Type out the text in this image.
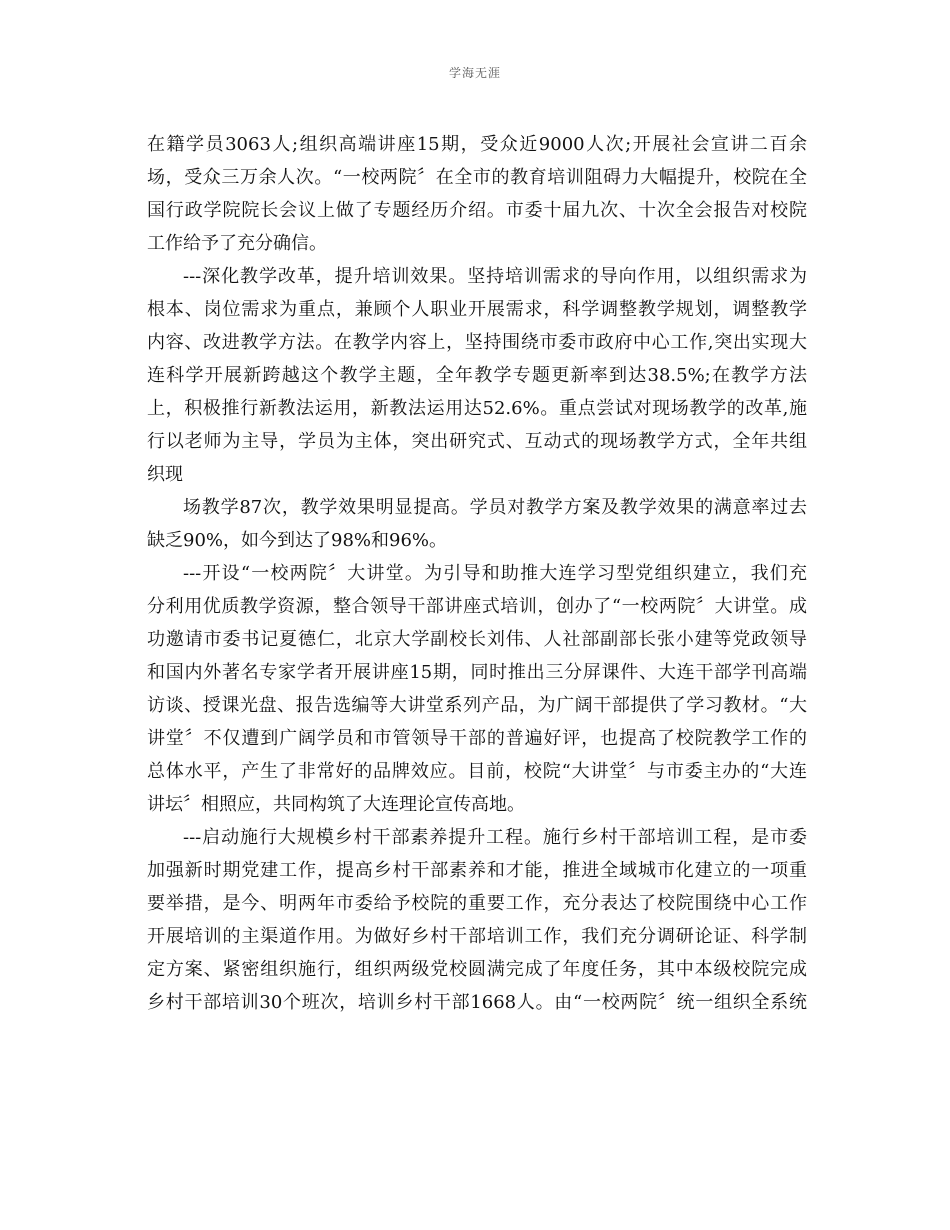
学海无涯
在籍学员3063人;组织高端讲座15期，受众近9000人次;开展社会宣讲二百余
场，受众三万余人次。“一校两院〞在全市的教育培训阻碍力大幅提升，校院在全
国行政学院院长会议上做了专题经历介绍。市委十届九次、十次全会报告对校院
工作给予了充分确信。
---深化教学改革，提升培训效果。坚持培训需求的导向作用，以组织需求为
根本、岗位需求为重点，兼顾个人职业开展需求，科学调整教学规划，调整教学
内容、改进教学方法。在教学内容上，坚持围绕市委市政府中心工作,突出实现大
连科学开展新跨越这个教学主题，全年教学专题更新率到达38.5%;在教学方法
上，积极推行新教法运用，新教法运用达52.6%。重点尝试对现场教学的改革,施
行以老师为主导，学员为主体，突出研究式、互动式的现场教学方式，全年共组
织现
场教学87次，教学效果明显提高。学员对教学方案及教学效果的满意率过去
缺乏90%，如今到达了98%和96%。
---开设“一校两院〞大讲堂。为引导和助推大连学习型党组织建立，我们充
分利用优质教学资源，整合领导干部讲座式培训，创办了“一校两院〞大讲堂。成
功邀请市委书记夏德仁，北京大学副校长刘伟、人社部副部长张小建等党政领导
和国内外著名专家学者开展讲座15期，同时推出三分屏课件、大连干部学刊高端
访谈、授课光盘、报告选编等大讲堂系列产品，为广阔干部提供了学习教材。“大
讲堂〞不仅遭到广阔学员和市管领导干部的普遍好评，也提高了校院教学工作的
总体水平，产生了非常好的品牌效应。目前，校院“大讲堂〞与市委主办的“大连
讲坛〞相照应，共同构筑了大连理论宣传高地。
---启动施行大规模乡村干部素养提升工程。施行乡村干部培训工程，是市委
加强新时期党建工作，提高乡村干部素养和才能，推进全域城市化建立的一项重
要举措，是今、明两年市委给予校院的重要工作，充分表达了校院围绕中心工作
开展培训的主渠道作用。为做好乡村干部培训工作，我们充分调研论证、科学制
定方案、紧密组织施行，组织两级党校圆满完成了年度任务，其中本级校院完成
乡村干部培训30个班次，培训乡村干部1668人。由“一校两院〞统一组织全系统
